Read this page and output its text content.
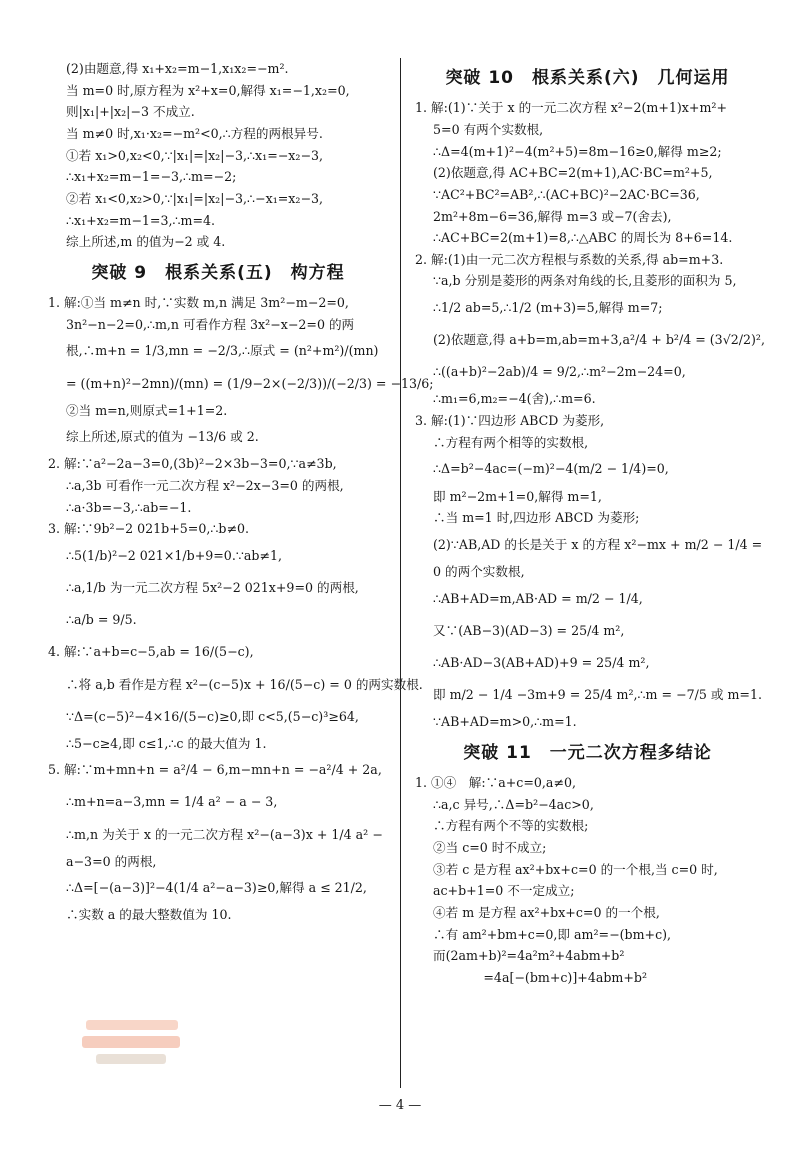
(2)由题意,得 x₁+x₂=m−1,x₁x₂=−m².
当 m=0 时,原方程为 x²+x=0,解得 x₁=−1,x₂=0,
则|x₁|+|x₂|−3 不成立.
当 m≠0 时,x₁·x₂=−m²<0,∴方程的两根异号.
①若 x₁>0,x₂<0,∵|x₁|=|x₂|−3,∴x₁=−x₂−3,
∴x₁+x₂=m−1=−3,∴m=−2;
②若 x₁<0,x₂>0,∵|x₁|=|x₂|−3,∴−x₁=x₂−3,
∴x₁+x₂=m−1=3,∴m=4.
综上所述,m 的值为−2 或 4.
突破 9　根系关系(五)　构方程
1. 解:①当 m≠n 时,∵实数 m,n 满足 3m²−m−2=0,
3n²−n−2=0,∴m,n 可看作方程 3x²−x−2=0 的两
根,∴m+n = 1/3,mn = −2/3,∴原式 = (n²+m²)/(mn)
= ((m+n)²−2mn)/(mn) = (1/9−2×(−2/3))/(−2/3) = −13/6;
②当 m=n,则原式=1+1=2.
综上所述,原式的值为 −13/6 或 2.
2. 解:∵a²−2a−3=0,(3b)²−2×3b−3=0,∵a≠3b,
∴a,3b 可看作一元二次方程 x²−2x−3=0 的两根,
∴a·3b=−3,∴ab=−1.
3. 解:∵9b²−2 021b+5=0,∴b≠0.
∴5(1/b)²−2 021×1/b+9=0.∵ab≠1,
∴a,1/b 为一元二次方程 5x²−2 021x+9=0 的两根,
∴a/b = 9/5.
4. 解:∵a+b=c−5,ab = 16/(5−c),
∴将 a,b 看作是方程 x²−(c−5)x + 16/(5−c) = 0 的两实数根.
∵Δ=(c−5)²−4×16/(5−c)≥0,即 c<5,(5−c)³≥64,
∴5−c≥4,即 c≤1,∴c 的最大值为 1.
5. 解:∵m+mn+n = a²/4 − 6,m−mn+n = −a²/4 + 2a,
∴m+n=a−3,mn = 1/4 a² − a − 3,
∴m,n 为关于 x 的一元二次方程 x²−(a−3)x + 1/4 a² −
a−3=0 的两根,
∴Δ=[−(a−3)]²−4(1/4 a²−a−3)≥0,解得 a ≤ 21/2,
∴实数 a 的最大整数值为 10.
突破 10　根系关系(六)　几何运用
1. 解:(1)∵关于 x 的一元二次方程 x²−2(m+1)x+m²+
5=0 有两个实数根,
∴Δ=4(m+1)²−4(m²+5)=8m−16≥0,解得 m≥2;
(2)依题意,得 AC+BC=2(m+1),AC·BC=m²+5,
∵AC²+BC²=AB²,∴(AC+BC)²−2AC·BC=36,
2m²+8m−6=36,解得 m=3 或−7(舍去),
∴AC+BC=2(m+1)=8,∴△ABC 的周长为 8+6=14.
2. 解:(1)由一元二次方程根与系数的关系,得 ab=m+3.
∵a,b 分别是菱形的两条对角线的长,且菱形的面积为 5,
∴1/2 ab=5,∴1/2 (m+3)=5,解得 m=7;
(2)依题意,得 a+b=m,ab=m+3,a²/4 + b²/4 = (3√2/2)²,
∴((a+b)²−2ab)/4 = 9/2,∴m²−2m−24=0,
∴m₁=6,m₂=−4(舍),∴m=6.
3. 解:(1)∵四边形 ABCD 为菱形,
∴方程有两个相等的实数根,
∴Δ=b²−4ac=(−m)²−4(m/2 − 1/4)=0,
即 m²−2m+1=0,解得 m=1,
∴当 m=1 时,四边形 ABCD 为菱形;
(2)∵AB,AD 的长是关于 x 的方程 x²−mx + m/2 − 1/4 =
0 的两个实数根,
∴AB+AD=m,AB·AD = m/2 − 1/4,
又∵(AB−3)(AD−3) = 25/4 m²,
∴AB·AD−3(AB+AD)+9 = 25/4 m²,
即 m/2 − 1/4 −3m+9 = 25/4 m²,∴m = −7/5 或 m=1.
∵AB+AD=m>0,∴m=1.
突破 11　一元二次方程多结论
1. ①④　解:∵a+c=0,a≠0,
∴a,c 异号,∴Δ=b²−4ac>0,
∴方程有两个不等的实数根;
②当 c=0 时不成立;
③若 c 是方程 ax²+bx+c=0 的一个根,当 c=0 时,
ac+b+1=0 不一定成立;
④若 m 是方程 ax²+bx+c=0 的一个根,
∴有 am²+bm+c=0,即 am²=−(bm+c),
而(2am+b)²=4a²m²+4abm+b²
　　　　=4a[−(bm+c)]+4abm+b²
— 4 —
